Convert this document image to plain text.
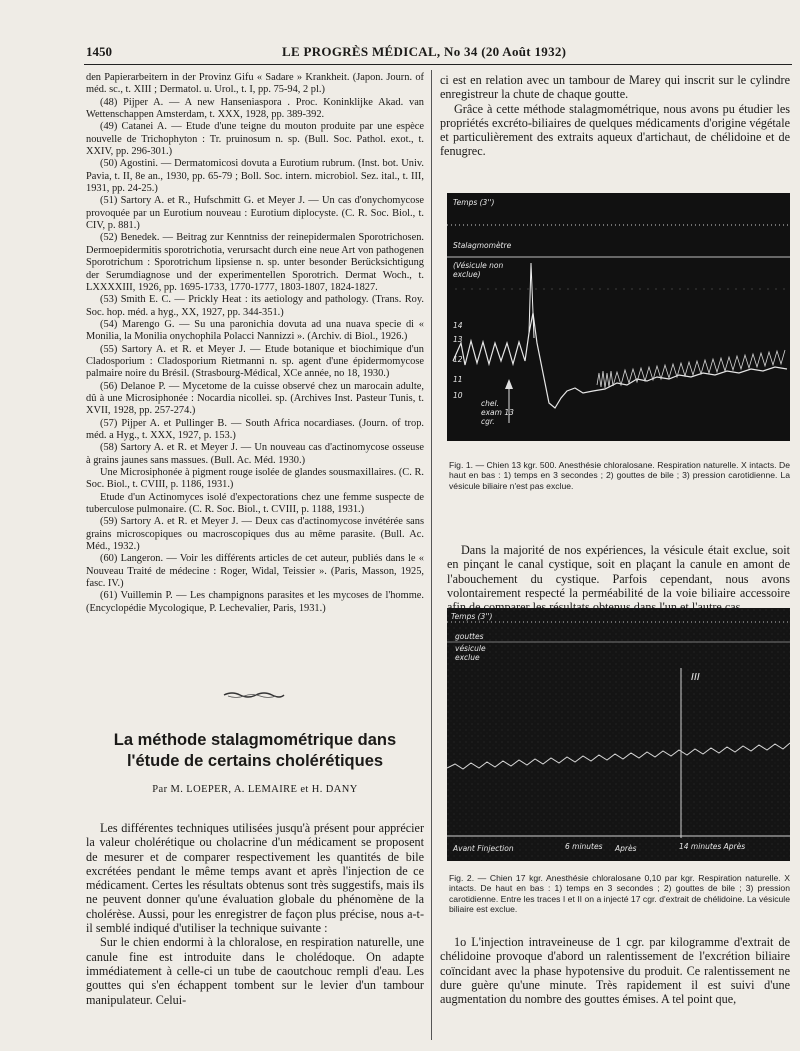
1450	LE PROGRÈS MÉDICAL, No 34 (20 Août 1932)

den Papierarbeitern in der Provinz Gifu « Sadare » Krankheit. (Japon. Journ. of méd. sc., t. XIII ; Dermatol. u. Urol., t. I, pp. 75-94, 2 pl.)

(48) Pijper A. — A new Hanseniaspora . Proc. Koninklijke Akad. van Wettenschappen Amsterdam, t. XXX, 1928, pp. 389-392.

(49) Catanei A. — Etude d'une teigne du mouton produite par une espèce nouvelle de Trichophyton : Tr. pruinosum n. sp. (Bull. Soc. Pathol. exot., t. XXIV, pp. 296-301.)

(50) Agostini. — Dermatomicosi dovuta a Eurotium rubrum. (Inst. bot. Univ. Pavia, t. II, 8e an., 1930, pp. 65-79 ; Boll. Soc. intern. microbiol. Sez. ital., t. III, 1931, pp. 24-25.)

(51) Sartory A. et R., Hufschmitt G. et Meyer J. — Un cas d'onychomycose provoquée par un Eurotium nouveau : Eurotium diplocyste. (C. R. Soc. Biol., t. CIV, p. 881.)

(52) Benedek. — Beitrag zur Kenntniss der reinepidermalen Sporotrichosen. Dermoepidermitis sporotrichotia, verursacht durch eine neue Art von pathogenen Sporotrichum : Sporotrichum lipsiense n. sp. unter besonder Berücksichtigung der Serumdiagnose und der experimentellen Sporotrich. Dermat Woch., t. LXXXXIII, 1926, pp. 1695-1733, 1770-1777, 1803-1807, 1824-1827.

(53) Smith E. C. — Prickly Heat : its aetiology and pathology. (Trans. Roy. Soc. hop. méd. a hyg., XX, 1927, pp. 344-351.)

(54) Marengo G. — Su una paronichia dovuta ad una nuava specie di « Monilia, la Monilia onychophila Polacci Nannizzi ». (Archiv. di Biol., 1926.)

(55) Sartory A. et R. et Meyer J. — Etude botanique et biochimique d'un Cladosporium : Cladosporium Rietmanni n. sp. agent d'une épidermomycose palmaire noire du Brésil. (Strasbourg-Médical, XCe année, no 18, 1930.)

(56) Delanoe P. — Mycetome de la cuisse observé chez un marocain adulte, dû à une Microsiphonée : Nocardia nicollei. sp. (Archives Inst. Pasteur Tunis, t. XVII, 1928, pp. 257-274.)

(57) Pijper A. et Pullinger B. — South Africa nocardiases. (Journ. of trop. méd. a Hyg., t. XXX, 1927, p. 153.)

(58) Sartory A. et R. et Meyer J. — Un nouveau cas d'actinomycose osseuse à grains jaunes sans massues. (Bull. Ac. Méd. 1930.)

Une Microsiphonée à pigment rouge isolée de glandes sousmaxillaires. (C. R. Soc. Biol., t. CVIII, p. 1186, 1931.)

Etude d'un Actinomyces isolé d'expectorations chez une femme suspecte de tuberculose pulmonaire. (C. R. Soc. Biol., t. CVIII, p. 1188, 1931.)

(59) Sartory A. et R. et Meyer J. — Deux cas d'actinomycose invétérée sans grains microscopiques ou macroscopiques dus au même parasite. (Bull. Ac. Méd., 1932.)

(60) Langeron. — Voir les différents articles de cet auteur, publiés dans le « Nouveau Traité de médecine : Roger, Widal, Teissier ». (Paris, Masson, 1925, fasc. IV.)

(61) Vuillemin P. — Les champignons parasites et les mycoses de l'homme. (Encyclopédie Mycologique, P. Lechevalier, Paris, 1931.)

La méthode stalagmométrique dans l'étude de certains cholérétiques
Par M. LOEPER, A. LEMAIRE et H. DANY

Les différentes techniques utilisées jusqu'à présent pour apprécier la valeur cholérétique ou cholacrine d'un médicament se proposent de mesurer et de comparer respectivement les quantités de bile excrétées pendant le même temps avant et après l'injection de ce médicament. Certes les résultats obtenus sont très suggestifs, mais ils ne peuvent donner qu'une évaluation globale du phénomène de la cholérèse. Aussi, pour les enregistrer de façon plus précise, nous a-t-il semblé indiqué d'utiliser la technique suivante :

Sur le chien endormi à la chloralose, en respiration naturelle, une canule fine est introduite dans le cholédoque. On adapte immédiatement à celle-ci un tube de caoutchouc rempli d'eau. Les gouttes qui s'en échappent tombent sur le levier d'un tambour manipulateur. Celui-

ci est en relation avec un tambour de Marey qui inscrit sur le cylindre enregistreur la chute de chaque goutte.

Grâce à cette méthode stalagmométrique, nous avons pu étudier les propriétés excréto-biliaires de quelques médicaments d'origine végétale et particulièrement des extraits aqueux d'artichaut, de chélidoine et de fenugrec.

Temps (3'')
Stalagmomètre
(Vésicule non exclue)
14
13
12
11
10
chel. exam 13 cgr.
Fig. 1. — Chien 13 kgr. 500. Anesthésie chloralosane. Respiration naturelle. X intacts. De haut en bas : 1) temps en 3 secondes ; 2) gouttes de bile ; 3) pression carotidienne. La vésicule biliaire n'est pas exclue.

Dans la majorité de nos expériences, la vésicule était exclue, soit en pinçant le canal cystique, soit en plaçant la canule en amont de l'abouchement du cystique. Parfois cependant, nous avons volontairement respecté la perméabilité de la voie biliaire accessoire

Temps (3'')
gouttes
vésicule exclue
III
Avant Finjection	6 minutes Après	14 minutes Après
Fig. 2. — Chien 17 kgr. Anesthésie chloralosane 0,10 par kgr. Respiration naturelle. X intacts. De haut en bas : 1) temps en 3 secondes ; 2) gouttes de bile ; 3) pression carotidienne. Entre les traces I et II on a injecté 17 cgr. d'extrait de chélidoine. La vésicule biliaire est exclue.

1o L'injection intraveineuse de 1 cgr. par kilogramme d'extrait de chélidoine provoque d'abord un ralentissement de l'excrétion biliaire coïncidant avec la phase hypotensive du produit. Ce ralentissement ne dure guère qu'une minute. Très rapidement il est suivi d'une augmentation du nombre des gouttes émises. A tel point que,
